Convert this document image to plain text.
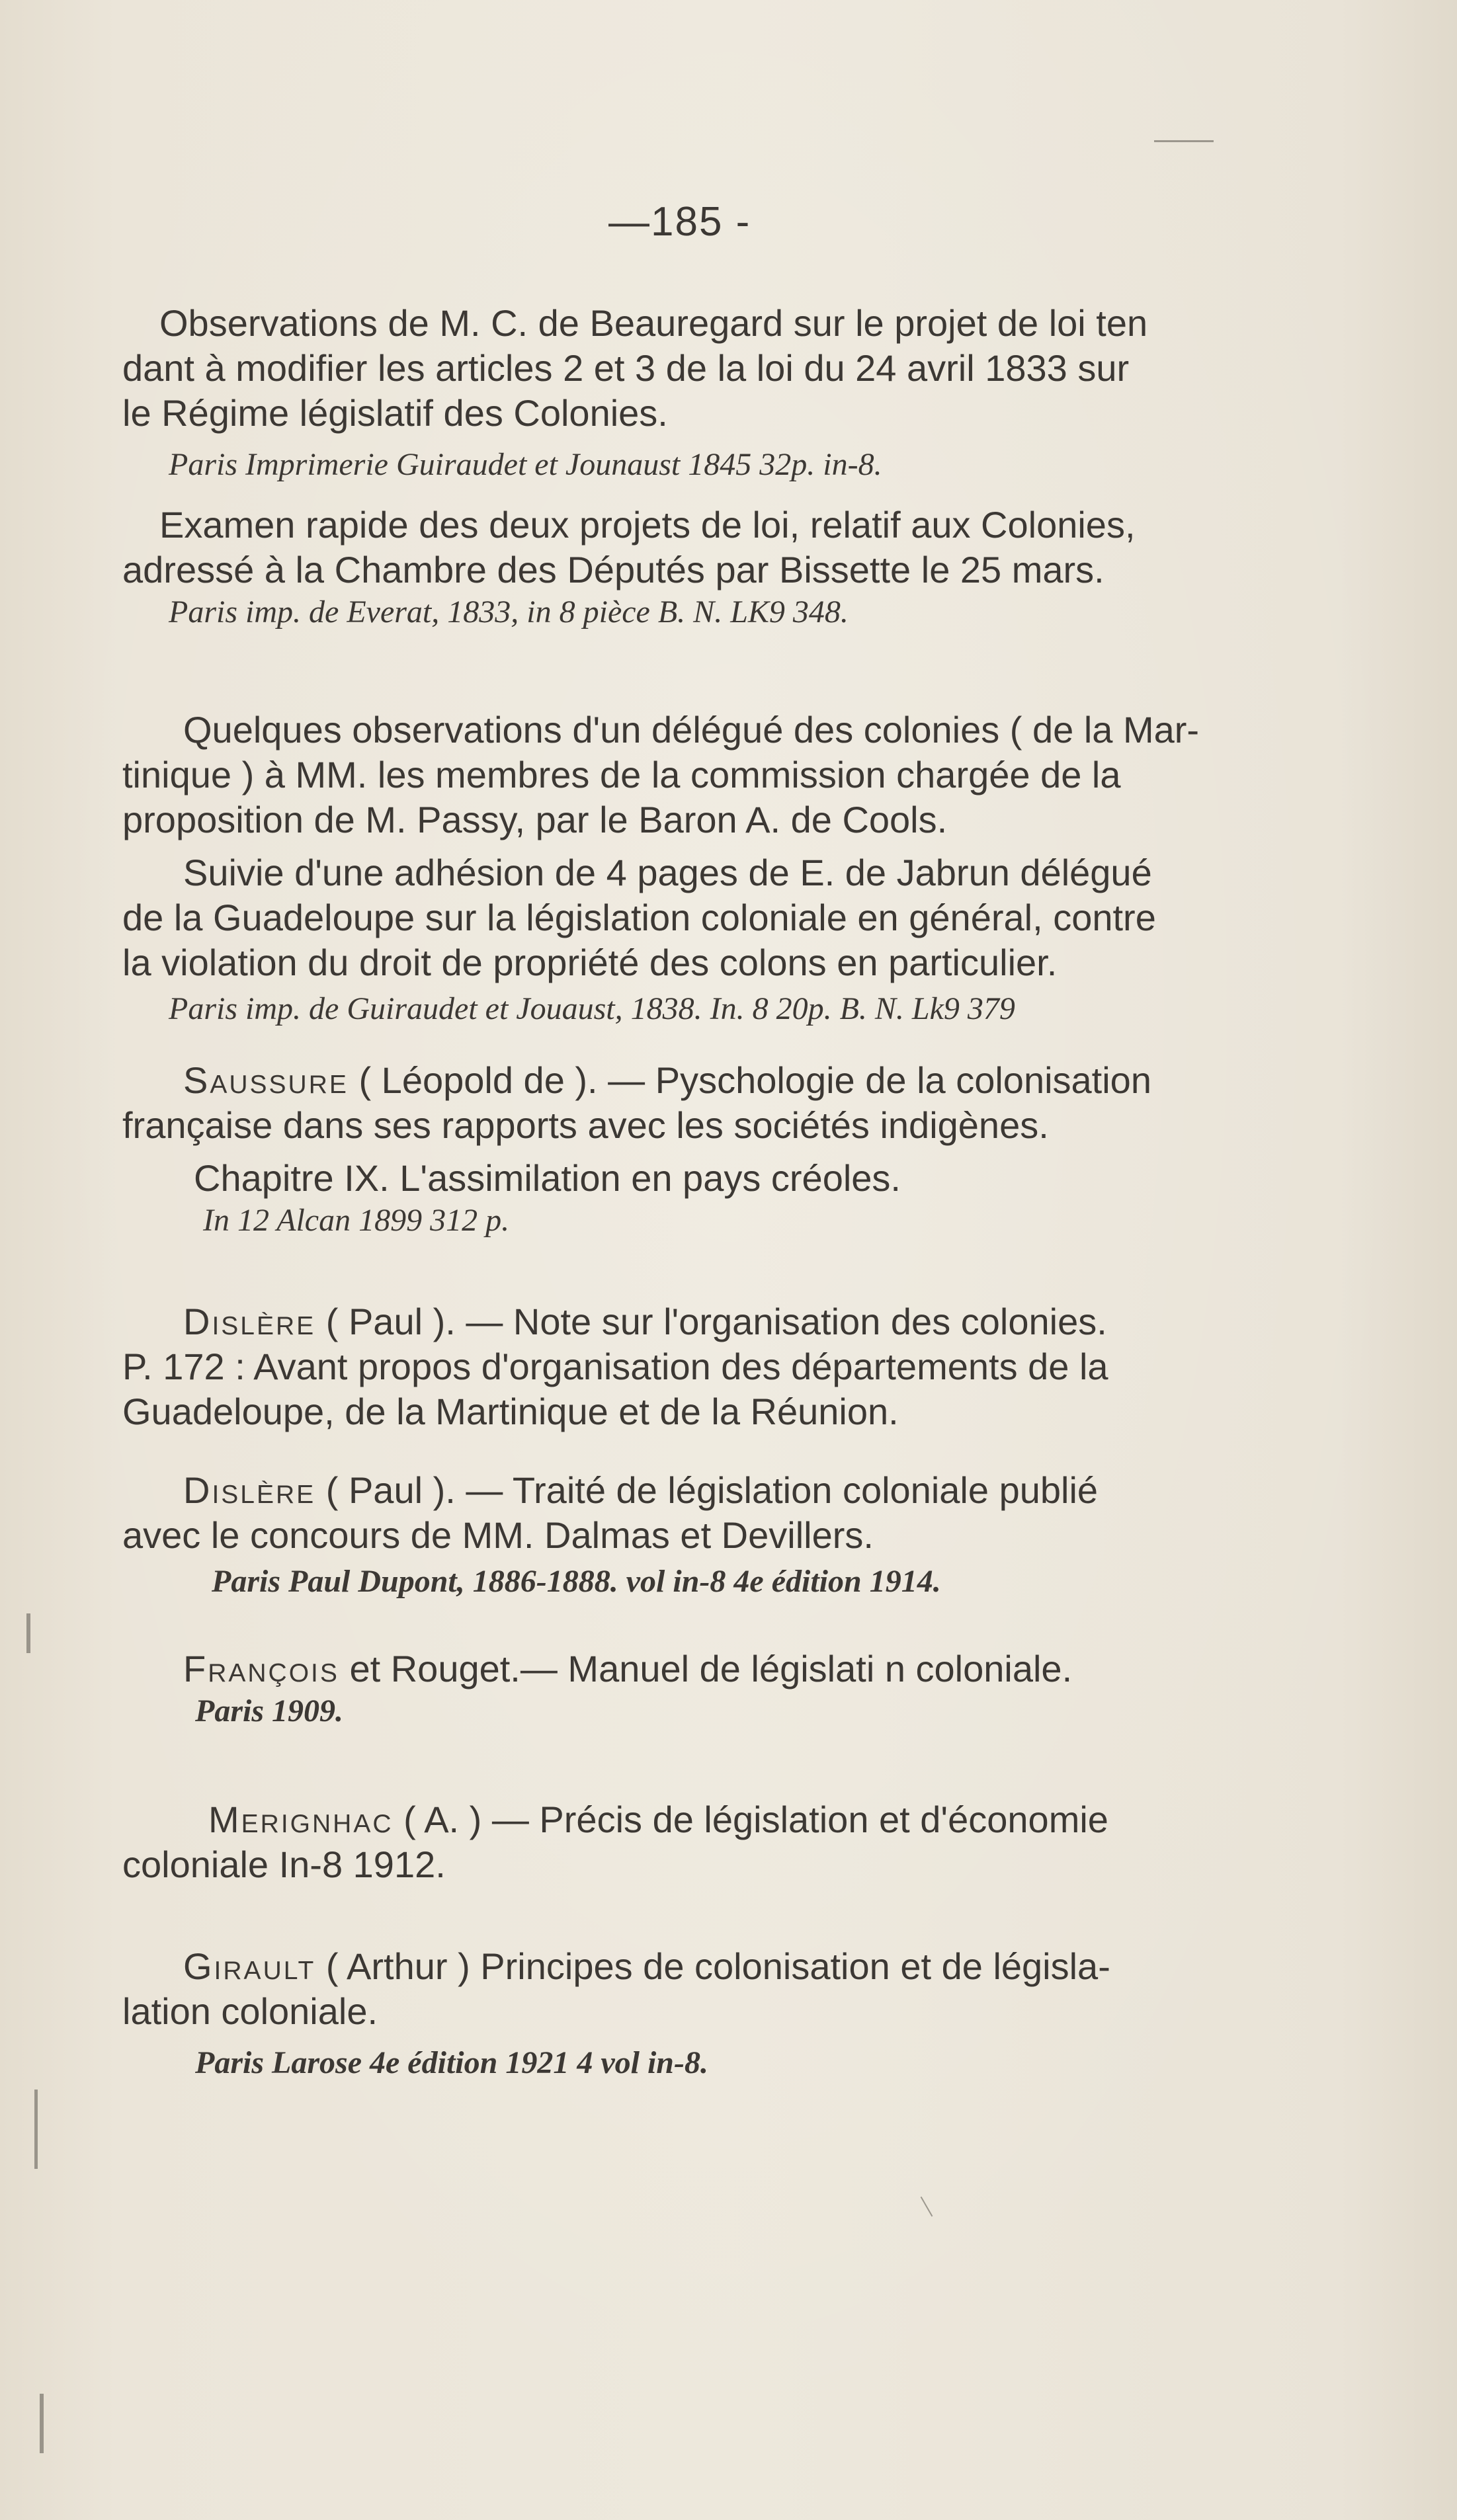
—185 -
Observations de M. C. de Beauregard sur le projet de loi ten
dant à modifier les articles 2 et 3 de la loi du 24 avril 1833 sur
le Régime législatif des Colonies.
Paris Imprimerie Guiraudet et Jounaust 1845 32p. in-8.
Examen rapide des deux projets de loi, relatif aux Colonies,
adressé à la Chambre des Députés par Bissette le 25 mars.
Paris imp. de Everat, 1833, in 8 pièce B. N. LK9 348.
Quelques observations d'un délégué des colonies ( de la Mar-
tinique ) à MM. les membres de la commission chargée de la
proposition de M. Passy, par le Baron A. de Cools.
Suivie d'une adhésion de 4 pages de E. de Jabrun délégué
de la Guadeloupe sur la législation coloniale en général, contre
la violation du droit de propriété des colons en particulier.
Paris imp. de Guiraudet et Jouaust, 1838. In. 8 20p. B. N. Lk9 379
Saussure ( Léopold de ). — Pyschologie de la colonisation
française dans ses rapports avec les sociétés indigènes.
Chapitre IX. L'assimilation en pays créoles.
In 12 Alcan 1899 312 p.
Dislère ( Paul ). — Note sur l'organisation des colonies.
P. 172 : Avant propos d'organisation des départements de la
Guadeloupe, de la Martinique et de la Réunion.
Dislère ( Paul ). — Traité de législation coloniale publié
avec le concours de MM. Dalmas et Devillers.
Paris Paul Dupont, 1886-1888. vol in-8 4e édition 1914.
François et Rouget.— Manuel de législati n coloniale.
Paris 1909.
Merignhac ( A. ) — Précis de législation et d'économie
coloniale In-8 1912.
Girault ( Arthur ) Principes de colonisation et de législa-
lation coloniale.
Paris Larose 4e édition 1921 4 vol in-8.
